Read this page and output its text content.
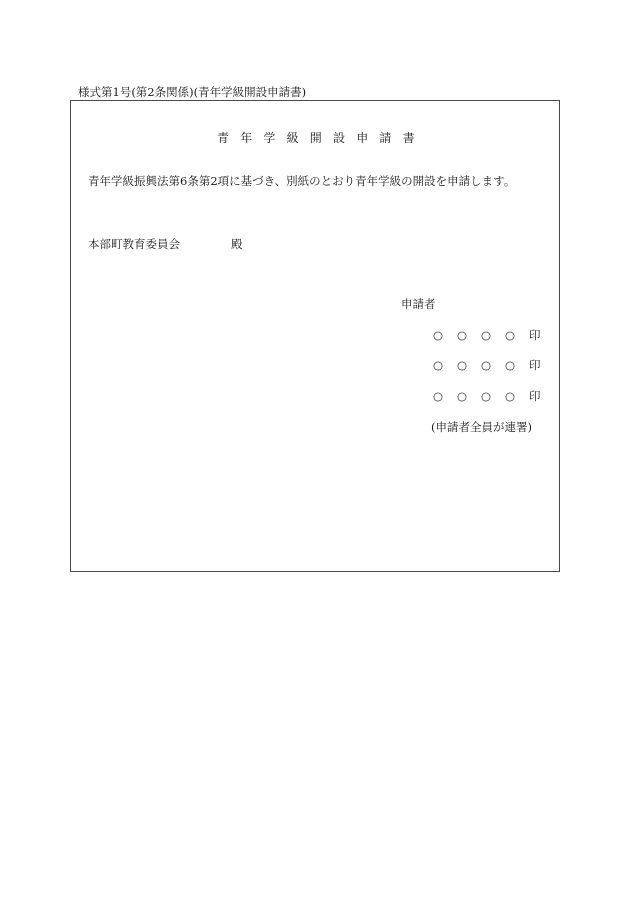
様式第1号(第2条関係)(青年学級開設申請書)
青年学級開設申請書
青年学級振興法第6条第2項に基づき、別紙のとおり青年学級の開設を申請します。
本部町教育委員会	殿
申請者
○ ○ ○ ○ 印
○ ○ ○ ○ 印
○ ○ ○ ○ 印
(申請者全員が連署)
